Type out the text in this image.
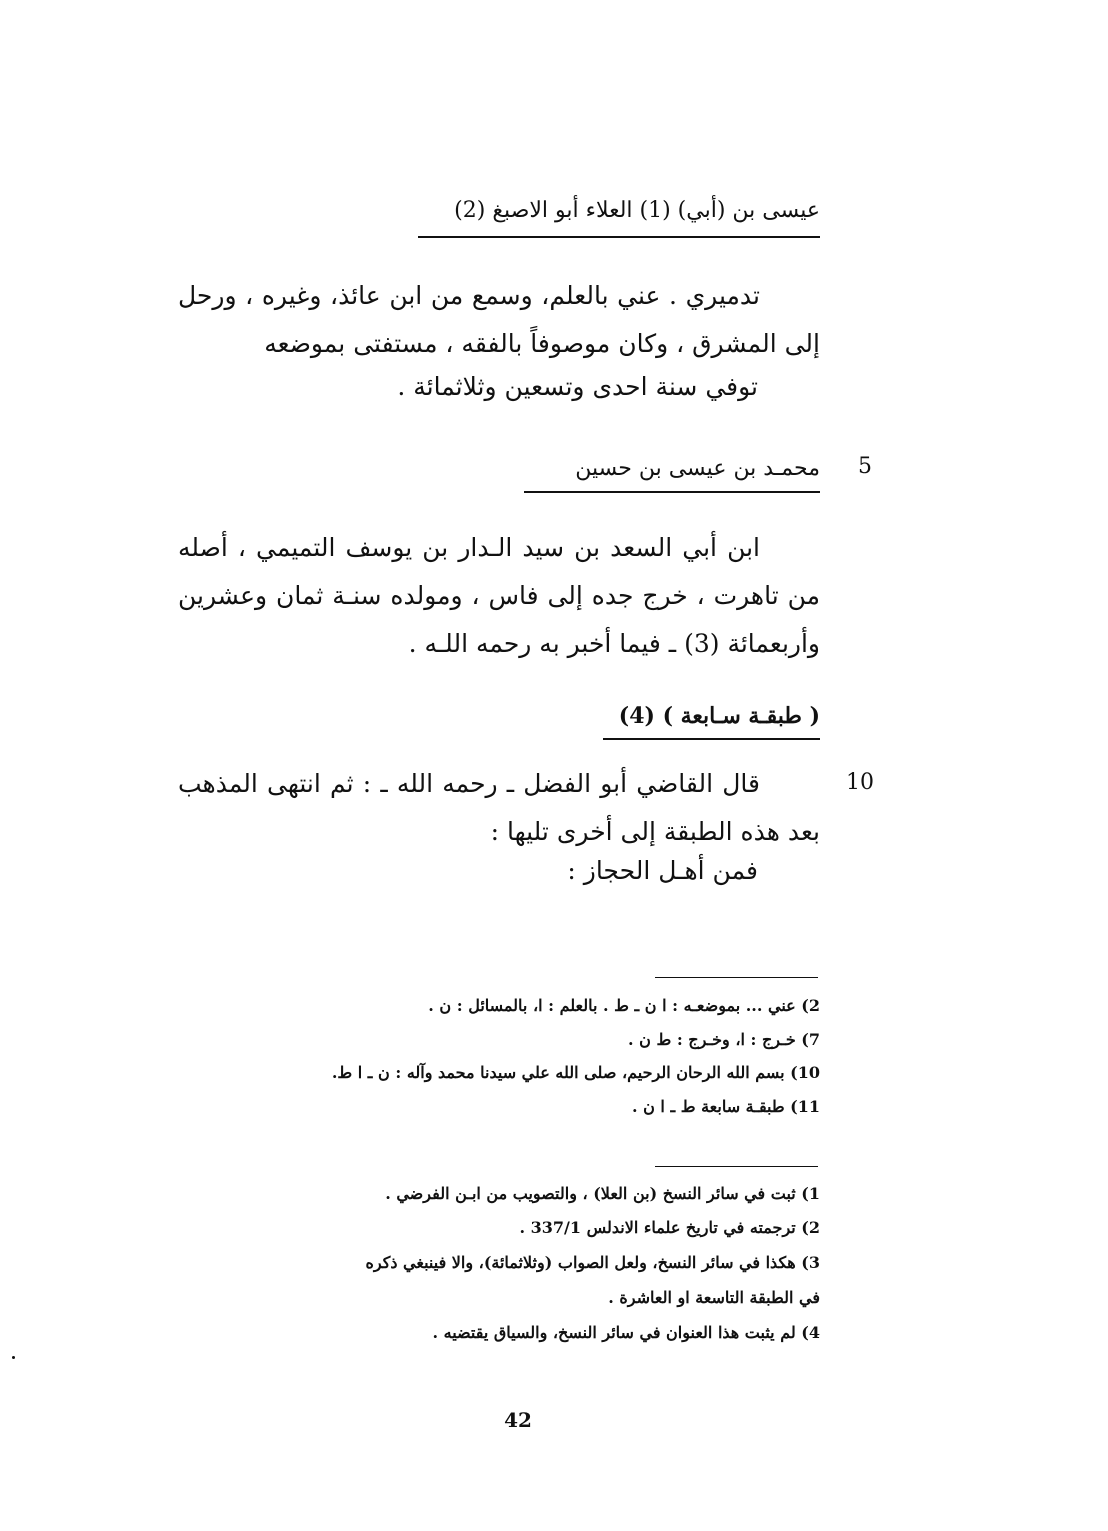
عيسى بن (أبي) (1) العلاء أبو الاصبغ (2)
تدميري . عني بالعلم، وسمع من ابن عائذ، وغيره ، ورحل إلى المشرق ، وكان موصوفاً بالفقه ، مستفتى بموضعه
توفي سنة احدى وتسعين وثلاثمائة .
5
محمـد بن عيسى بن حسين
ابن أبي السعد بن سيد الـدار بن يوسف التميمي ، أصله من تاهرت ، خرج جده إلى فاس ، ومولده سنـة ثمان وعشرين وأربعمائة (3) ـ فيما أخبر به رحمه اللـه .
( طبقـة سـابعة ) (4)
10
قال القاضي أبو الفضل ـ رحمه الله ـ : ثم انتهى المذهب بعد هذه الطبقة إلى أخرى تليها :
فمن أهـل الحجاز :
2) عني ... بموضعـه : ا ن ـ ط . بالعلم : ا، بالمسائل : ن .
7) خـرج : ا، وخـرج : ط ن .
10) بسم الله الرحان الرحيم، صلى الله علي سيدنا محمد وآله : ن ـ ا ط.
11) طبقـة سابعة ط ـ ا ن .
1) ثبت في سائر النسخ (بن العلا) ، والتصويب من ابـن الفرضي .
2) ترجمته في تاريخ علماء الاندلس 337/1 .
3) هكذا في سائر النسخ، ولعل الصواب (وثلاثمائة)، والا فينبغي ذكره
في الطبقة التاسعة او العاشرة .
4) لم يثبت هذا العنوان في سائر النسخ، والسياق يقتضيه .
42
